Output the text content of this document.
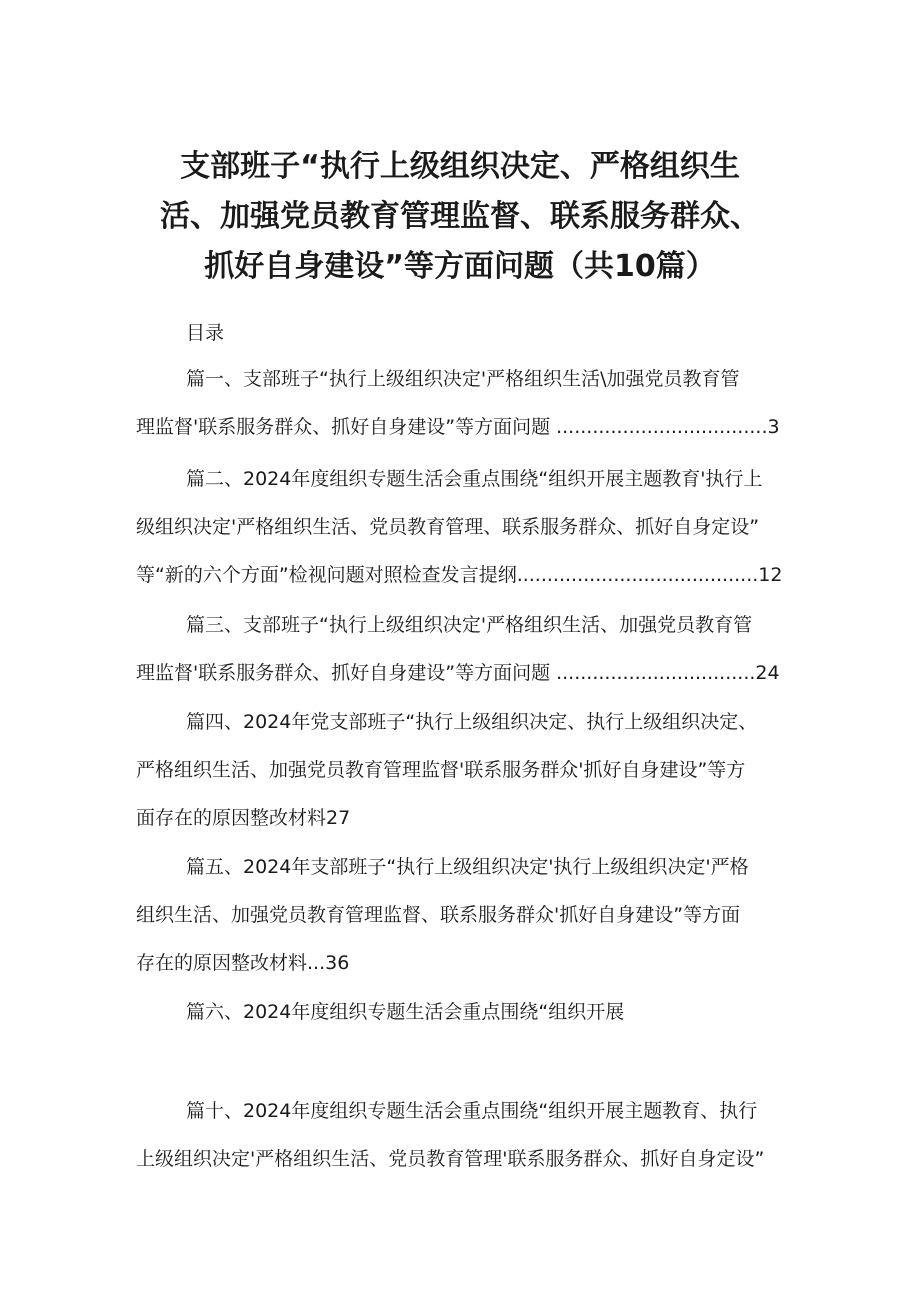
支部班子“执行上级组织决定、严格组织生
活、加强党员教育管理监督、联系服务群众、
抓好自身建设”等方面问题（共10篇）
目录
篇一、支部班子“执行上级组织决定'严格组织生活\加强党员教育管
理监督'联系服务群众、抓好自身建设”等方面问题 ...................................3
篇二、2024年度组织专题生活会重点围绕“组织开展主题教育'执行上
级组织决定'严格组织生活、党员教育管理、联系服务群众、抓好自身定设”
等“新的六个方面”检视问题对照检查发言提纲........................................12
篇三、支部班子“执行上级组织决定'严格组织生活、加强党员教育管
理监督'联系服务群众、抓好自身建设”等方面问题 .................................24
篇四、2024年党支部班子“执行上级组织决定、执行上级组织决定、
严格组织生活、加强党员教育管理监督'联系服务群众'抓好自身建设”等方
面存在的原因整改材料27
篇五、2024年支部班子“执行上级组织决定'执行上级组织决定'严格
组织生活、加强党员教育管理监督、联系服务群众'抓好自身建设”等方面
存在的原因整改材料...36
篇六、2024年度组织专题生活会重点围绕“组织开展
篇十、2024年度组织专题生活会重点围绕“组织开展主题教育、执行
上级组织决定'严格组织生活、党员教育管理'联系服务群众、抓好自身定设”
